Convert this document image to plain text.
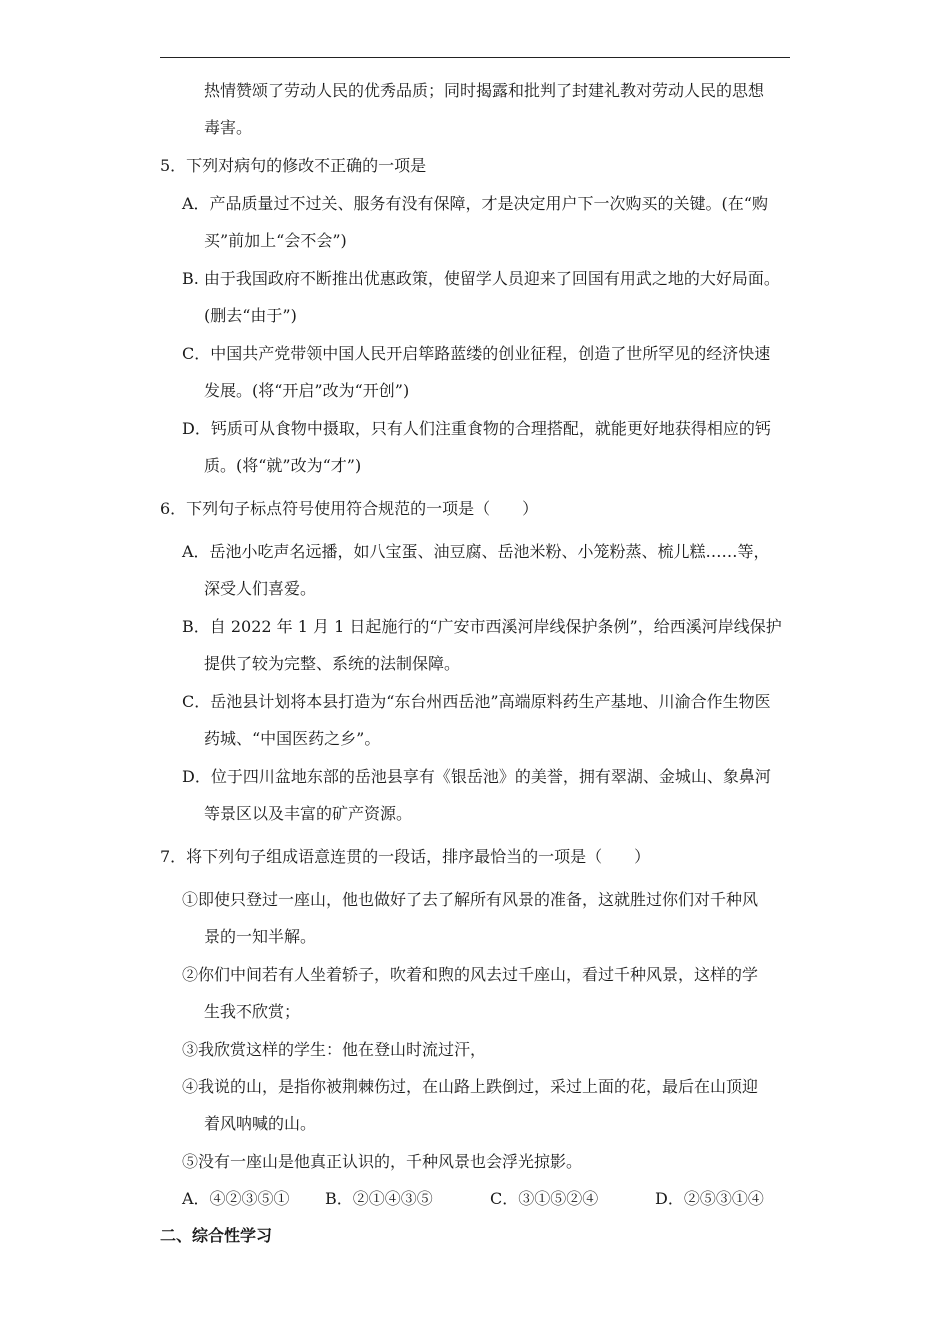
热情赞颂了劳动人民的优秀品质；同时揭露和批判了封建礼教对劳动人民的思想
毒害。
5．下列对病句的修改不正确的一项是
A．产品质量过不过关、服务有没有保障，才是决定用户下一次购买的关键。(在“购
买”前加上“会不会”)
B. 由于我国政府不断推出优惠政策，使留学人员迎来了回国有用武之地的大好局面。
(删去“由于”)
C．中国共产党带领中国人民开启筚路蓝缕的创业征程，创造了世所罕见的经济快速
发展。(将“开启”改为“开创”)
D．钙质可从食物中摄取，只有人们注重食物的合理搭配，就能更好地获得相应的钙
质。(将“就”改为“才”)
6．下列句子标点符号使用符合规范的一项是（　　）
A．岳池小吃声名远播，如八宝蛋、油豆腐、岳池米粉、小笼粉蒸、梳儿糕……等，
深受人们喜爱。
B．自 2022 年 1 月 1 日起施行的“广安市西溪河岸线保护条例”，给西溪河岸线保护
提供了较为完整、系统的法制保障。
C．岳池县计划将本县打造为“东台州西岳池”高端原料药生产基地、川渝合作生物医
药城、“中国医药之乡”。
D．位于四川盆地东部的岳池县享有《银岳池》的美誉，拥有翠湖、金城山、象鼻河
等景区以及丰富的矿产资源。
7．将下列句子组成语意连贯的一段话，排序最恰当的一项是（　　）
①即使只登过一座山，他也做好了去了解所有风景的准备，这就胜过你们对千种风
景的一知半解。
②你们中间若有人坐着轿子，吹着和煦的风去过千座山，看过千种风景，这样的学
生我不欣赏；
③我欣赏这样的学生：他在登山时流过汗，
④我说的山，是指你被荆棘伤过，在山路上跌倒过，采过上面的花，最后在山顶迎
着风呐喊的山。
⑤没有一座山是他真正认识的，千种风景也会浮光掠影。
A．④②③⑤① B．②①④③⑤	C．③①⑤②④	D．②⑤③①④
二、综合性学习
